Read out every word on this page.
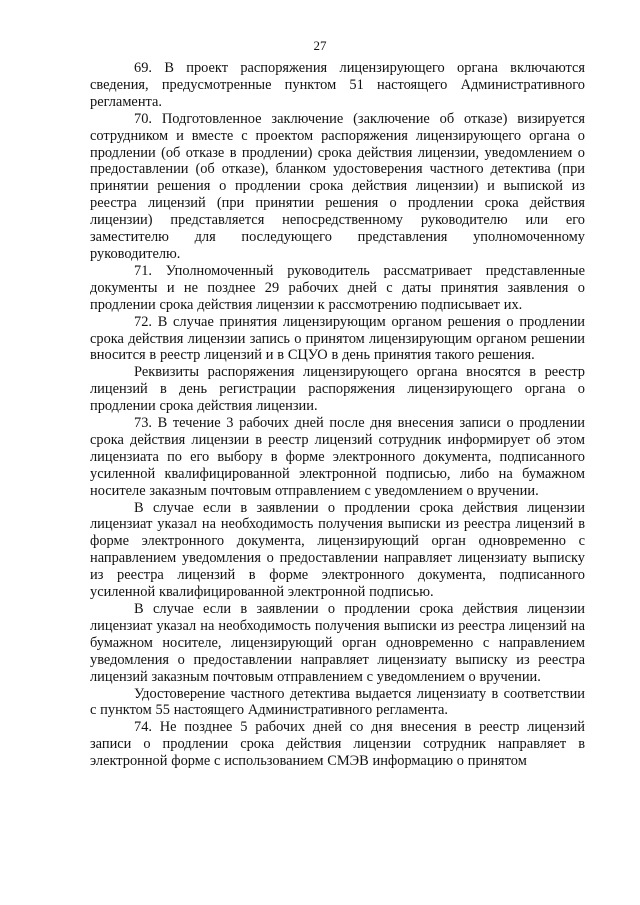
27

69. В проект распоряжения лицензирующего органа включаются сведения, предусмотренные пунктом 51 настоящего Административного регламента.

70. Подготовленное заключение (заключение об отказе) визируется сотрудником и вместе с проектом распоряжения лицензирующего органа о продлении (об отказе в продлении) срока действия лицензии, уведомлением о предоставлении (об отказе), бланком удостоверения частного детектива (при принятии решения о продлении срока действия лицензии) и выпиской из реестра лицензий (при принятии решения о продлении срока действия лицензии) представляется непосредственному руководителю или его заместителю для последующего представления уполномоченному руководителю.

71. Уполномоченный руководитель рассматривает представленные документы и не позднее 29 рабочих дней с даты принятия заявления о продлении срока действия лицензии к рассмотрению подписывает их.

72. В случае принятия лицензирующим органом решения о продлении срока действия лицензии запись о принятом лицензирующим органом решении вносится в реестр лицензий и в СЦУО в день принятия такого решения.

Реквизиты распоряжения лицензирующего органа вносятся в реестр лицензий в день регистрации распоряжения лицензирующего органа о продлении срока действия лицензии.

73. В течение 3 рабочих дней после дня внесения записи о продлении срока действия лицензии в реестр лицензий сотрудник информирует об этом лицензиата по его выбору в форме электронного документа, подписанного усиленной квалифицированной электронной подписью, либо на бумажном носителе заказным почтовым отправлением с уведомлением о вручении.

В случае если в заявлении о продлении срока действия лицензии лицензиат указал на необходимость получения выписки из реестра лицензий в форме электронного документа, лицензирующий орган одновременно с направлением уведомления о предоставлении направляет лицензиату выписку из реестра лицензий в форме электронного документа, подписанного усиленной квалифицированной электронной подписью.

В случае если в заявлении о продлении срока действия лицензии лицензиат указал на необходимость получения выписки из реестра лицензий на бумажном носителе, лицензирующий орган одновременно с направлением уведомления о предоставлении направляет лицензиату выписку из реестра лицензий заказным почтовым отправлением с уведомлением о вручении.

Удостоверение частного детектива выдается лицензиату в соответствии с пунктом 55 настоящего Административного регламента.

74. Не позднее 5 рабочих дней со дня внесения в реестр лицензий записи о продлении срока действия лицензии сотрудник направляет в электронной форме с использованием СМЭВ информацию о принятом
